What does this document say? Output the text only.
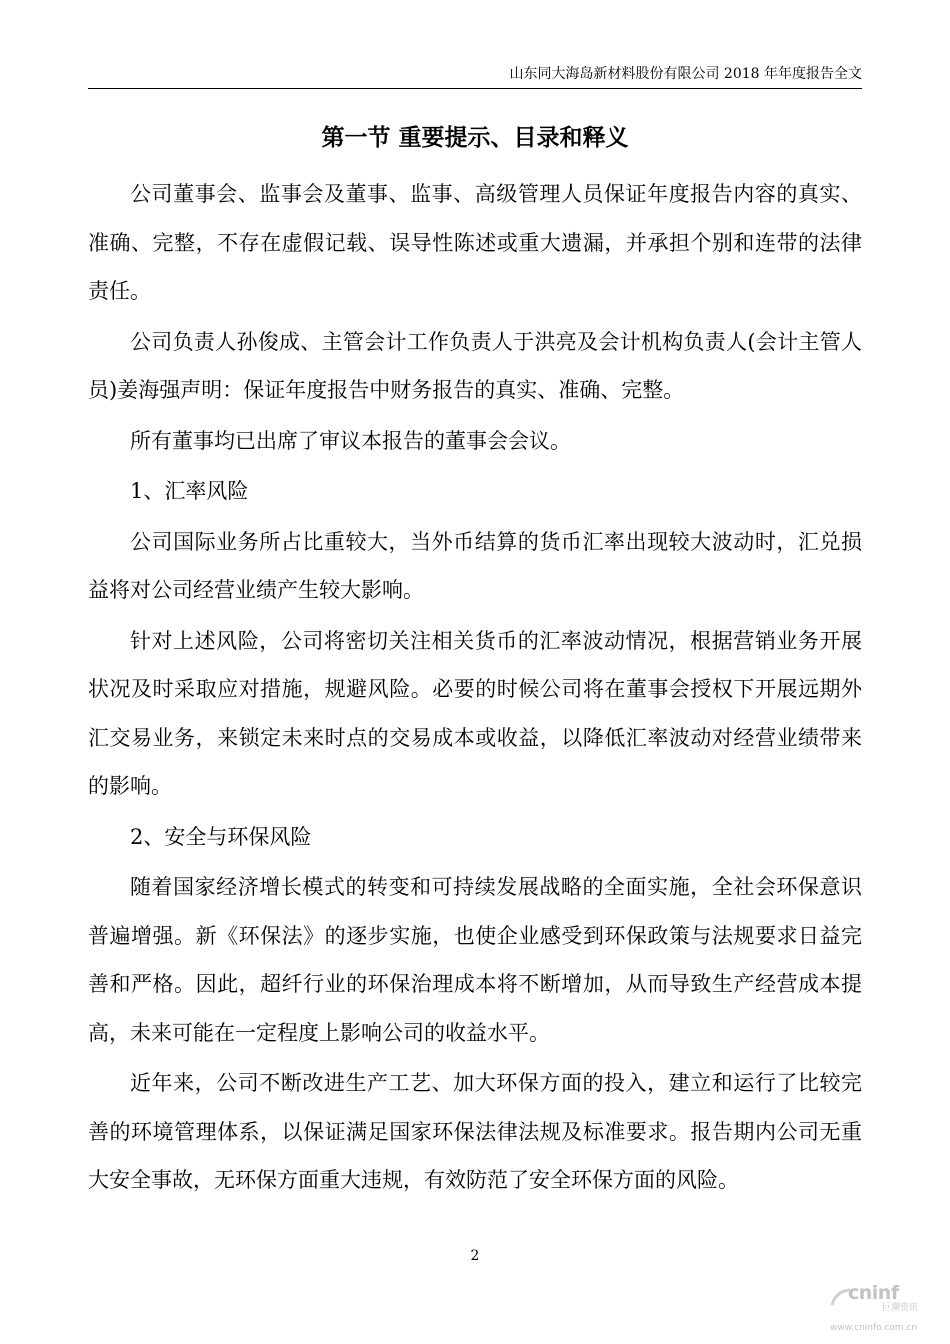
山东同大海岛新材料股份有限公司 2018 年年度报告全文
第一节 重要提示、目录和释义

公司董事会、监事会及董事、监事、高级管理人员保证年度报告内容的真实、准确、完整，不存在虚假记载、误导性陈述或重大遗漏，并承担个别和连带的法律责任。

公司负责人孙俊成、主管会计工作负责人于洪亮及会计机构负责人(会计主管人员)姜海强声明：保证年度报告中财务报告的真实、准确、完整。

所有董事均已出席了审议本报告的董事会会议。

1、汇率风险

公司国际业务所占比重较大，当外币结算的货币汇率出现较大波动时，汇兑损益将对公司经营业绩产生较大影响。

针对上述风险，公司将密切关注相关货币的汇率波动情况，根据营销业务开展状况及时采取应对措施，规避风险。必要的时候公司将在董事会授权下开展远期外汇交易业务，来锁定未来时点的交易成本或收益，以降低汇率波动对经营业绩带来的影响。

2、安全与环保风险

随着国家经济增长模式的转变和可持续发展战略的全面实施，全社会环保意识普遍增强。新《环保法》的逐步实施，也使企业感受到环保政策与法规要求日益完善和严格。因此，超纤行业的环保治理成本将不断增加，从而导致生产经营成本提高，未来可能在一定程度上影响公司的收益水平。

近年来，公司不断改进生产工艺、加大环保方面的投入，建立和运行了比较完善的环境管理体系，以保证满足国家环保法律法规及标准要求。报告期内公司无重大安全事故，无环保方面重大违规，有效防范了安全环保方面的风险。

2
cninf
巨潮资讯
www.cninfo.com.cn
